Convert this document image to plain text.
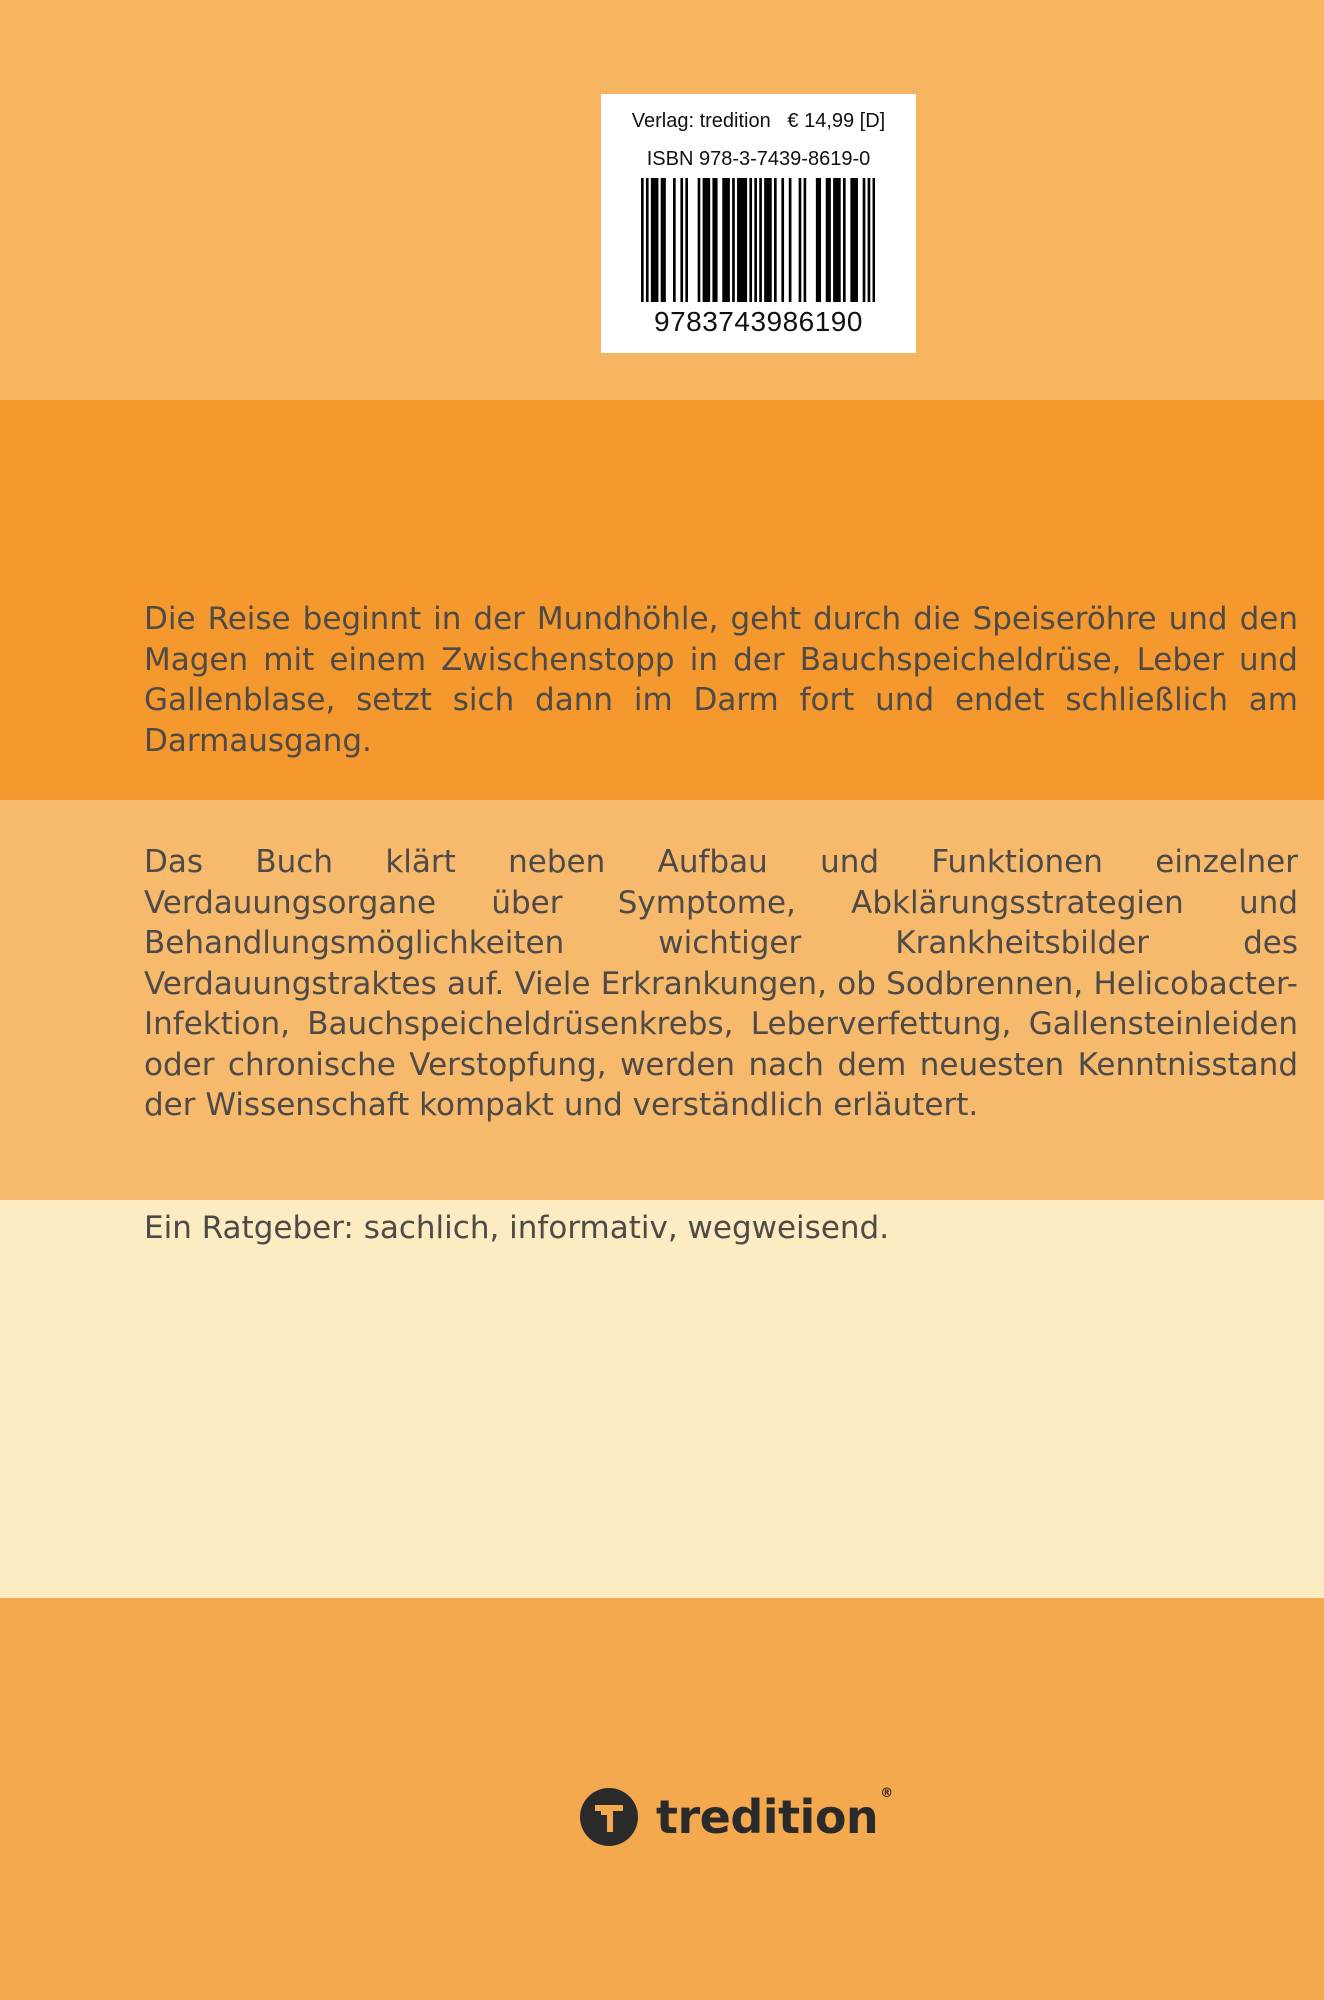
Verlag: tredition   € 14,99 [D]
ISBN 978-3-7439-8619-0
9783743986190
Die Reise beginnt in der Mundhöhle, geht durch die Speiseröhre und den Magen mit einem Zwischenstopp in der Bauchspeicheldrüse, Leber und Gallenblase, setzt sich dann im Darm fort und endet schließlich am Darmausgang.
Das Buch klärt neben Aufbau und Funktionen einzelner Verdauungsorgane über Symptome, Abklärungsstrategien und Behandlungsmöglichkeiten wichtiger Krankheitsbilder des Verdauungstraktes auf. Viele Erkrankungen, ob Sodbrennen, Helicobacter-Infektion, Bauchspeicheldrüsenkrebs, Leberverfettung, Gallensteinleiden oder chronische Verstopfung, werden nach dem neuesten Kenntnisstand der Wissenschaft kompakt und verständlich erläutert.
Ein Ratgeber: sachlich, informativ, wegweisend.
tredition ®
